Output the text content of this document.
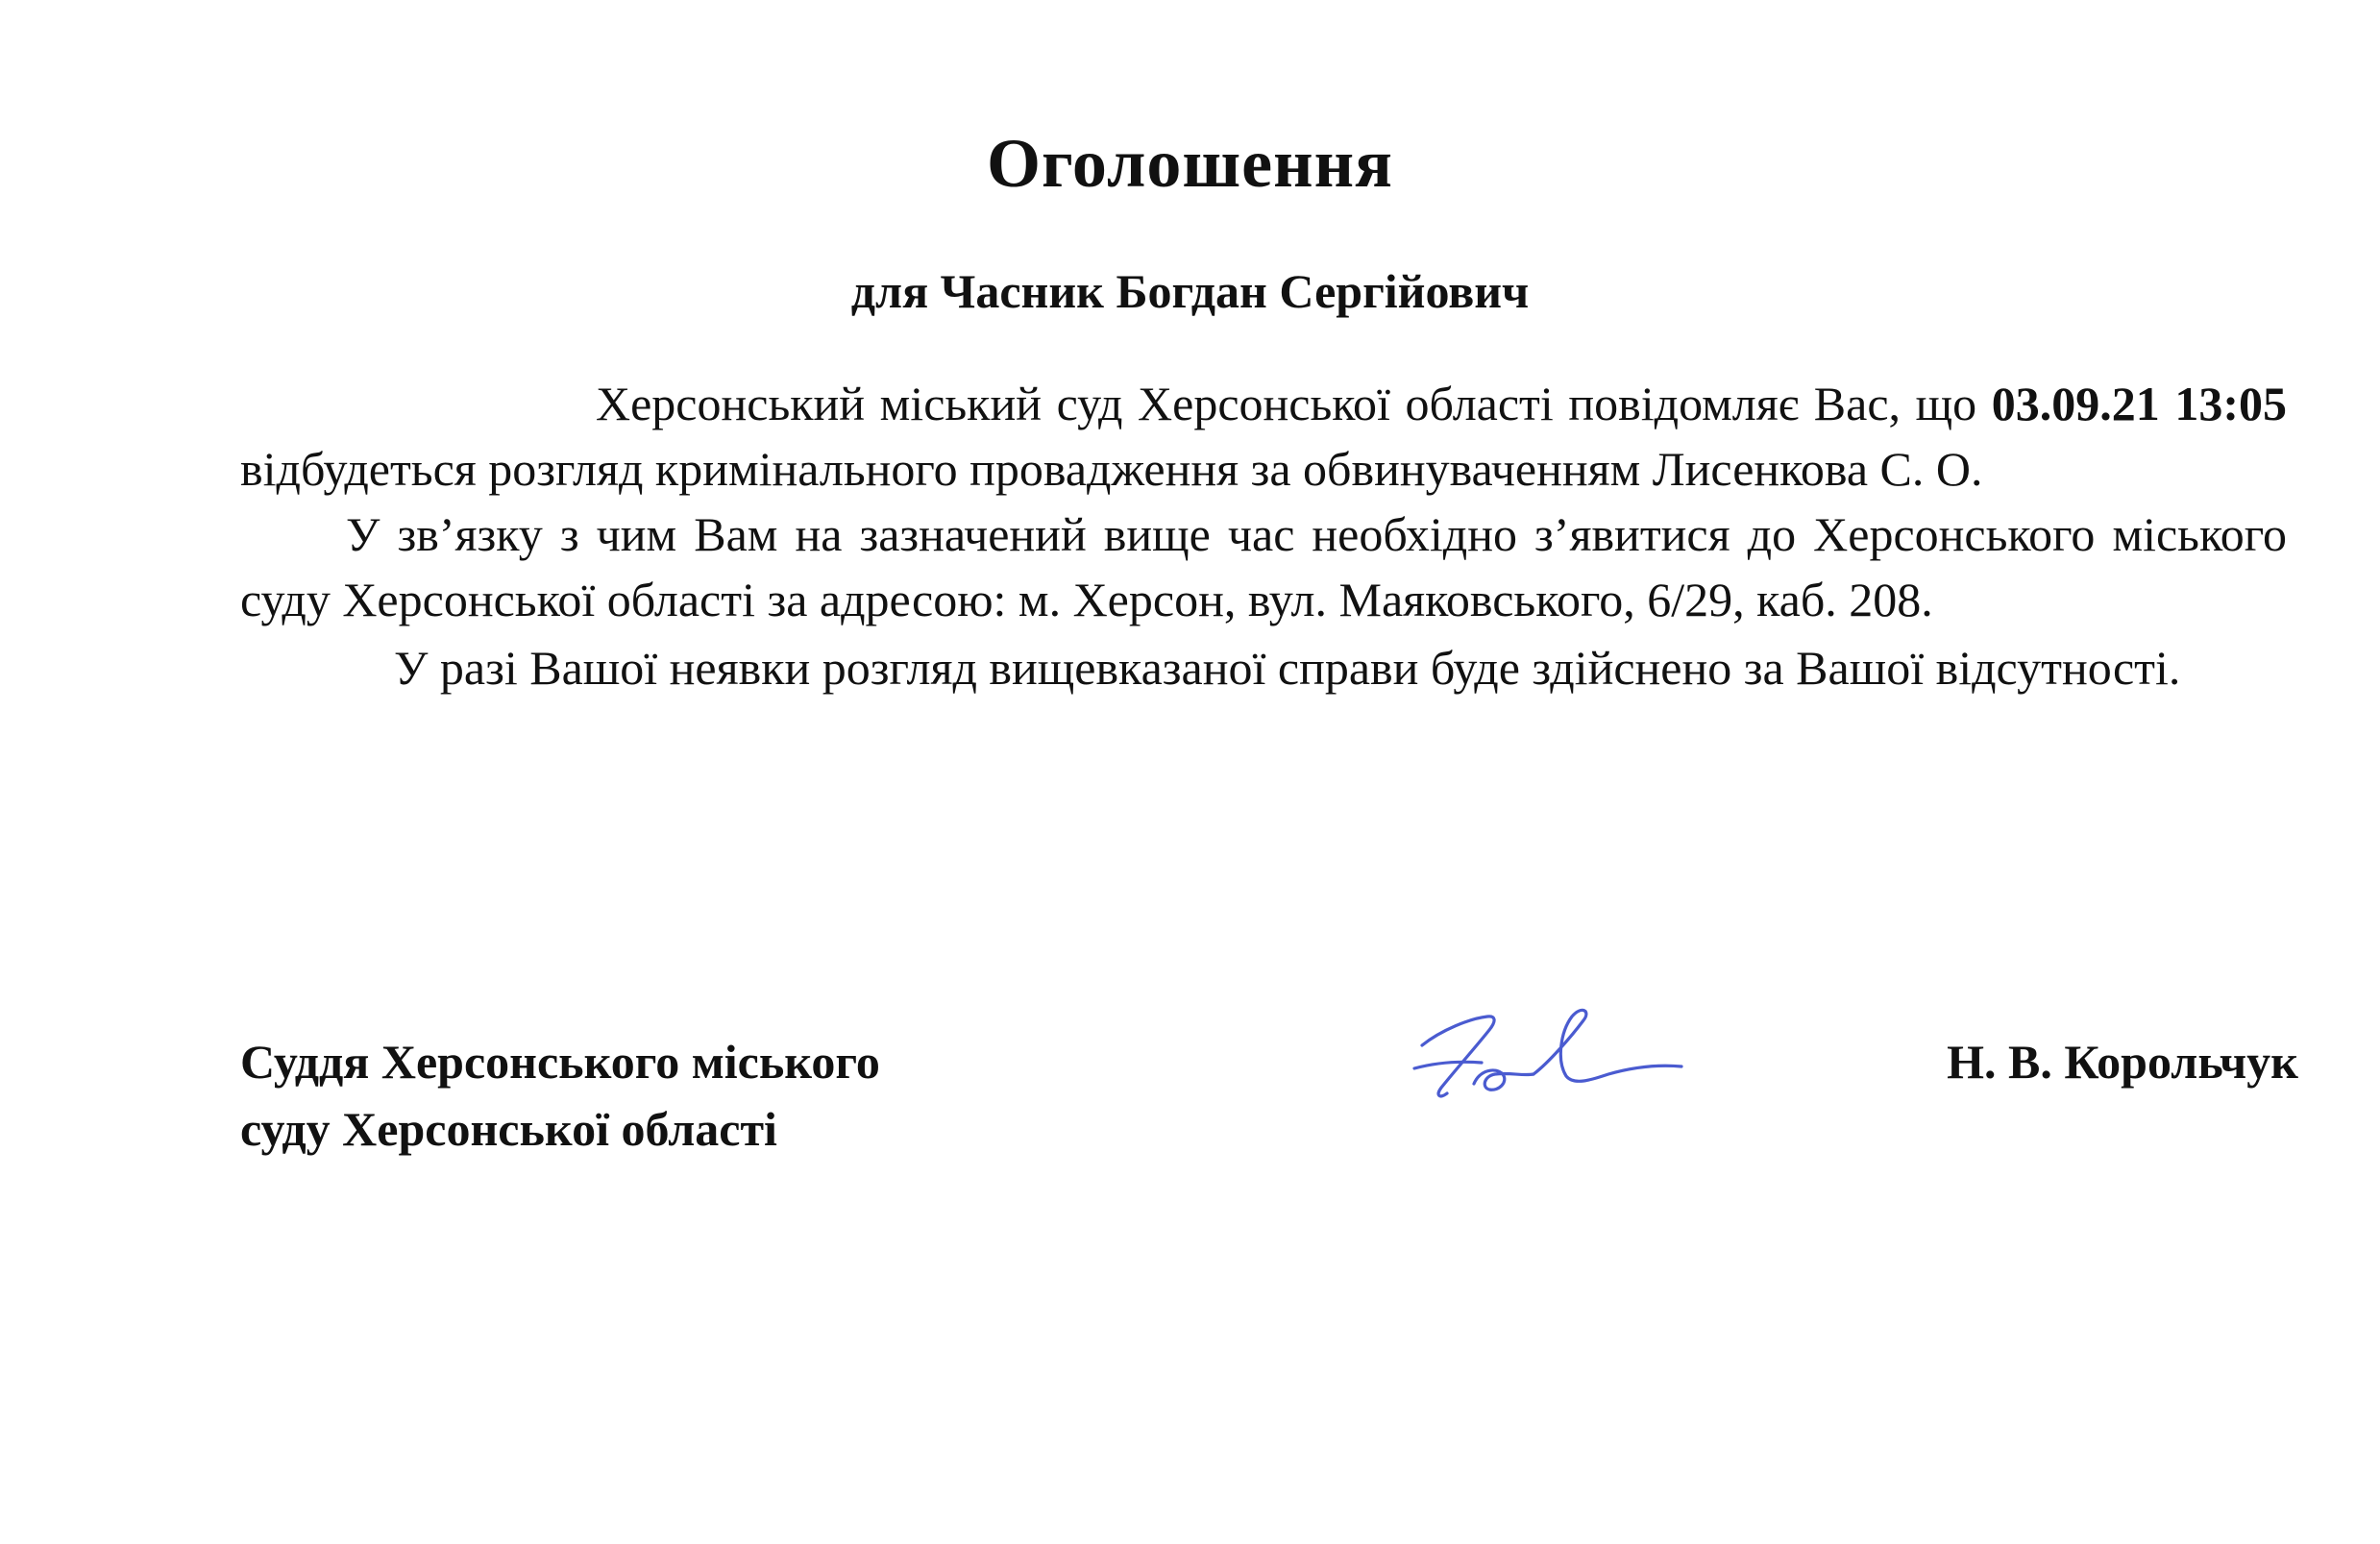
Оголошення
для Часник Богдан Сергійович

Херсонський міський суд Херсонської області повідомляє Вас, що 03.09.21 13:05 відбудеться розгляд кримінального провадження за обвинуваченням Лисенкова С. О.

У зв’язку з чим Вам на зазначений вище час необхідно з’явитися до Херсонського міського суду Херсонської області за адресою: м. Херсон, вул. Маяковського, 6/29, каб. 208.

У разі Вашої неявки розгляд вищевказаної справи буде здійснено за Вашої відсутності.

Суддя Херсонського міського
суду Херсонської області
Н. В. Корольчук
